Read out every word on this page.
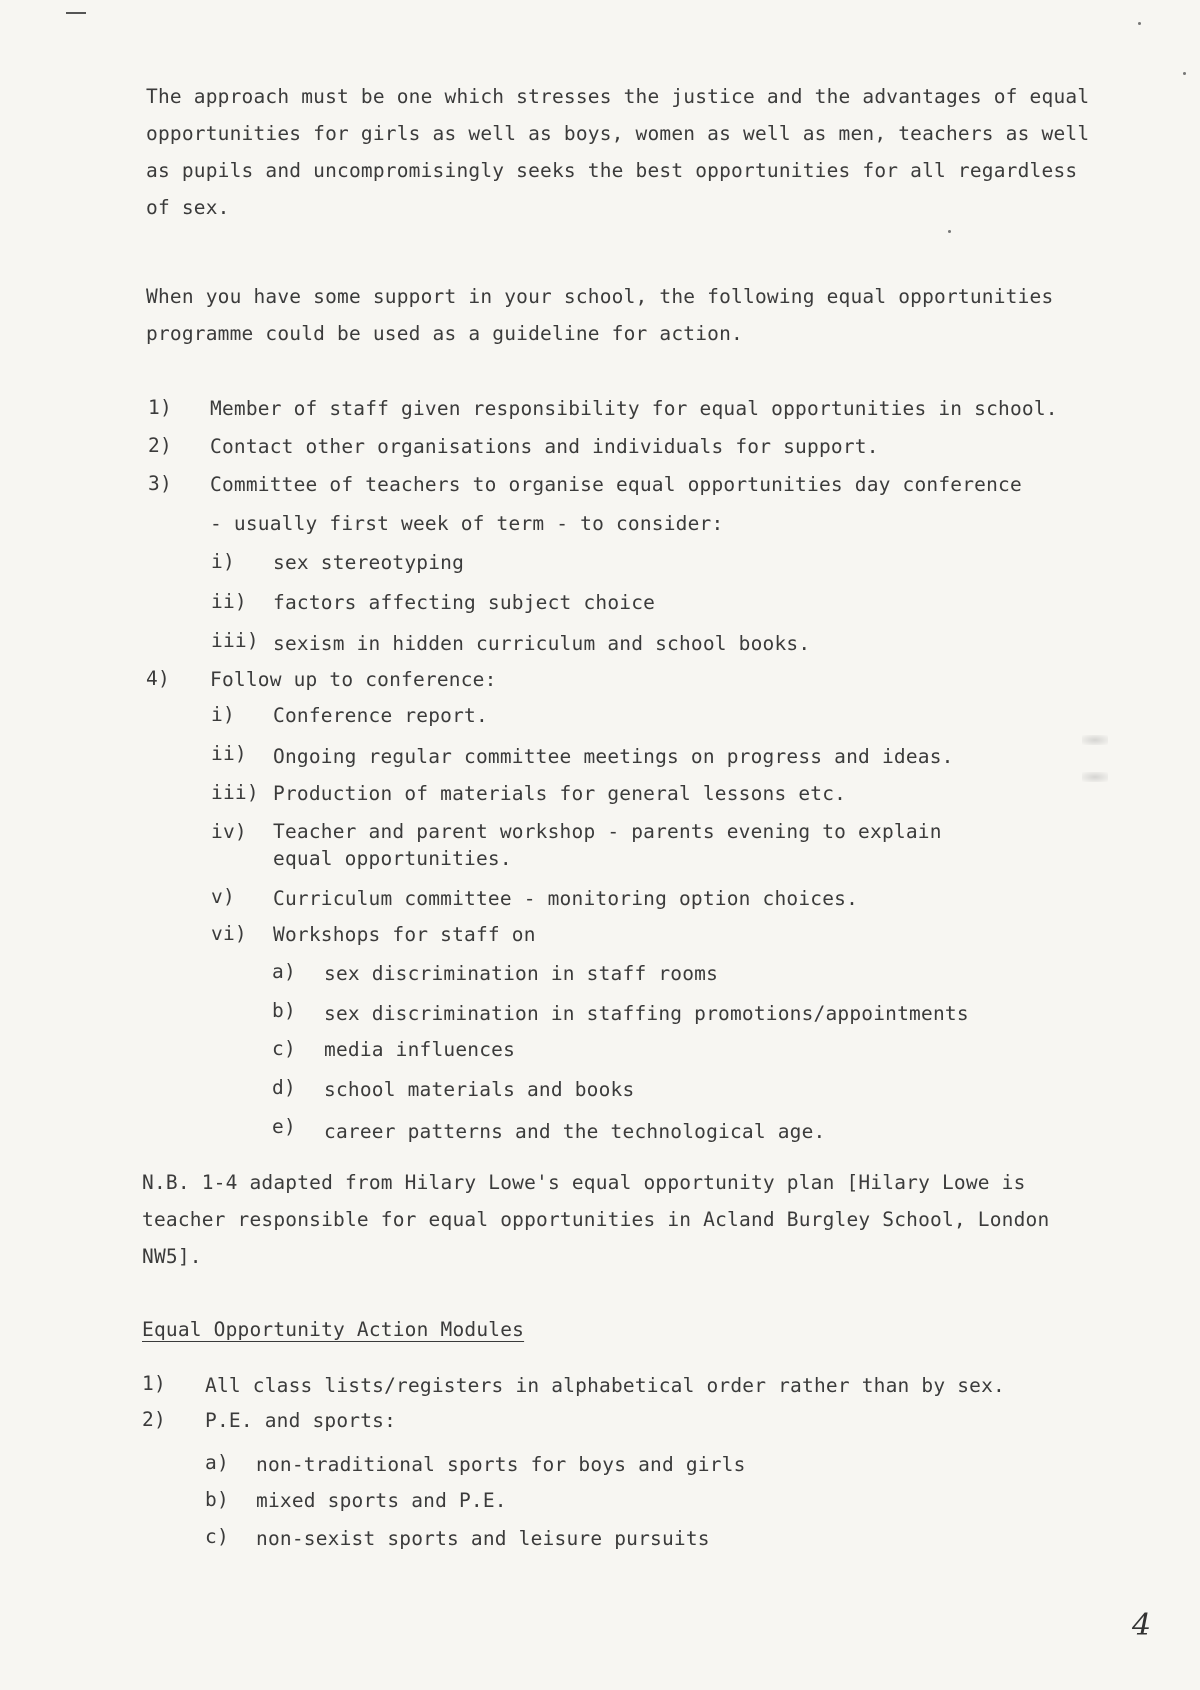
The approach must be one which stresses the justice and the advantages of equal
opportunities for girls as well as boys, women as well as men, teachers as well
as pupils and uncompromisingly seeks the best opportunities for all regardless
of sex.
When you have some support in your school, the following equal opportunities
programme could be used as a guideline for action.
1) Member of staff given responsibility for equal opportunities in school.
2) Contact other organisations and individuals for support.
3) Committee of teachers to organise equal opportunities day conference
- usually first week of term - to consider:
i) sex stereotyping
ii) factors affecting subject choice
iii) sexism in hidden curriculum and school books.
4) Follow up to conference:
i) Conference report.
ii) Ongoing regular committee meetings on progress and ideas.
iii) Production of materials for general lessons etc.
iv) Teacher and parent workshop - parents evening to explain
equal opportunities.
v) Curriculum committee - monitoring option choices.
vi) Workshops for staff on
a) sex discrimination in staff rooms
b) sex discrimination in staffing promotions/appointments
c) media influences
d) school materials and books
e) career patterns and the technological age.
N.B. 1-4 adapted from Hilary Lowe's equal opportunity plan [Hilary Lowe is
teacher responsible for equal opportunities in Acland Burgley School, London
NW5].
Equal Opportunity Action Modules
1) All class lists/registers in alphabetical order rather than by sex.
2) P.E. and sports:
a) non-traditional sports for boys and girls
b) mixed sports and P.E.
c) non-sexist sports and leisure pursuits
4
